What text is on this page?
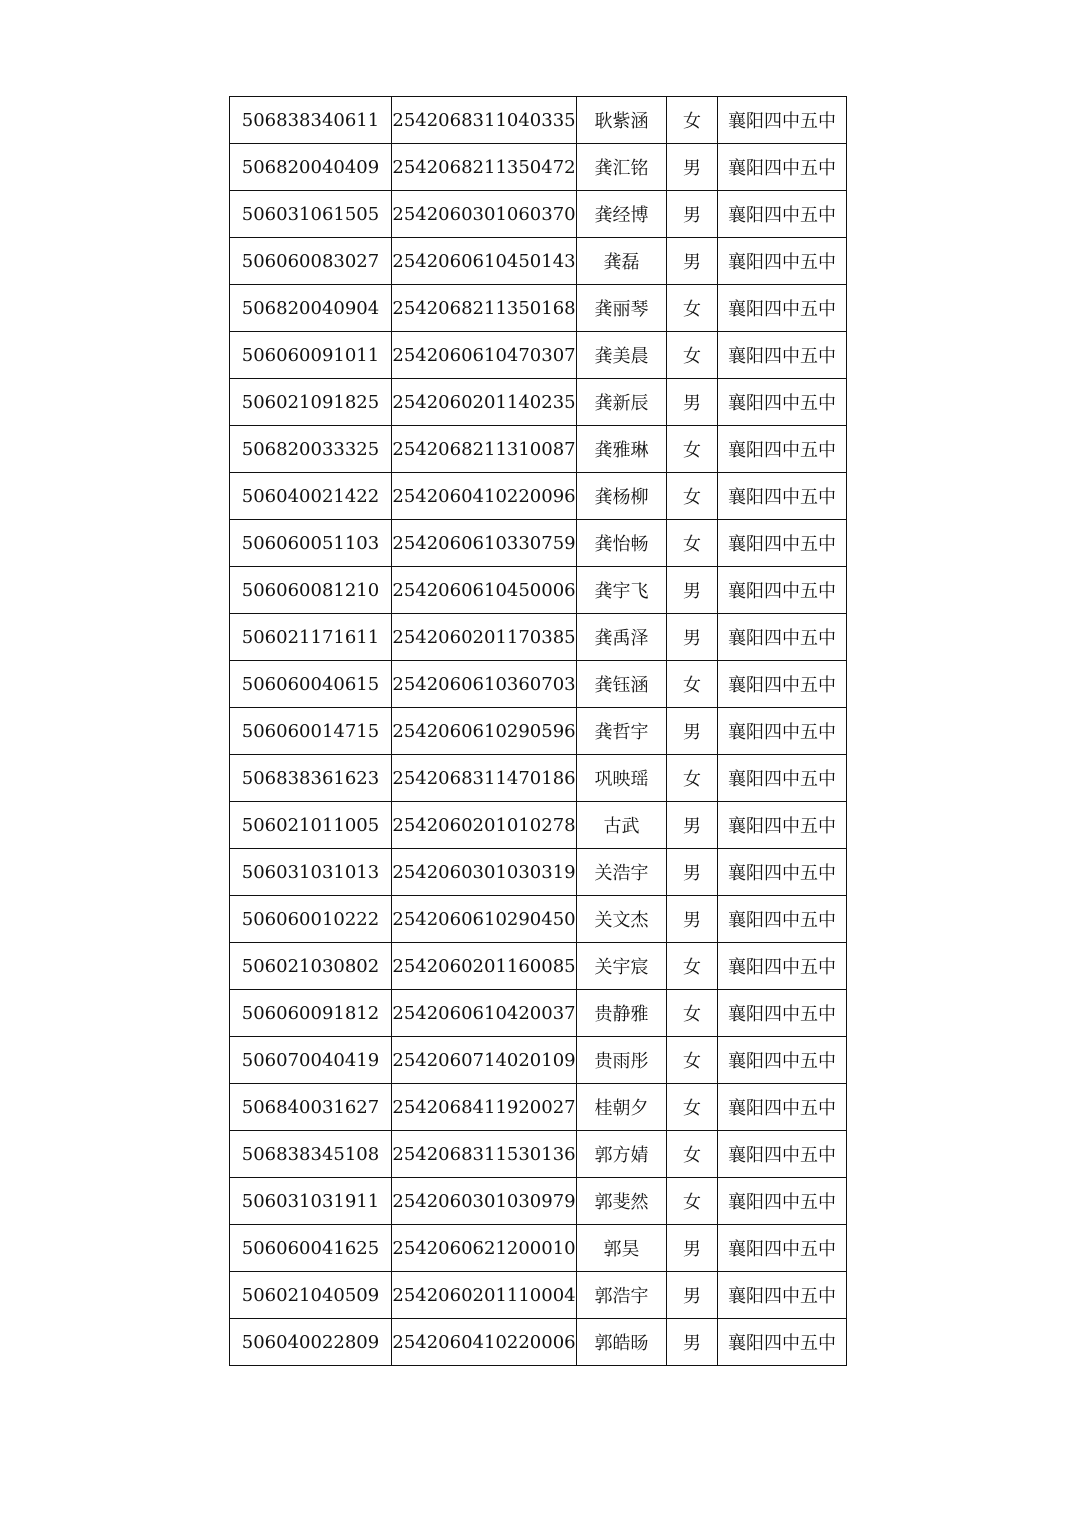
506838340611	2542068311040335	耿紫涵	女	襄阳四中五中
506820040409	2542068211350472	龚汇铭	男	襄阳四中五中
506031061505	2542060301060370	龚经博	男	襄阳四中五中
506060083027	2542060610450143	龚磊	男	襄阳四中五中
506820040904	2542068211350168	龚丽琴	女	襄阳四中五中
506060091011	2542060610470307	龚美晨	女	襄阳四中五中
506021091825	2542060201140235	龚新辰	男	襄阳四中五中
506820033325	2542068211310087	龚雅琳	女	襄阳四中五中
506040021422	2542060410220096	龚杨柳	女	襄阳四中五中
506060051103	2542060610330759	龚怡畅	女	襄阳四中五中
506060081210	2542060610450006	龚宇飞	男	襄阳四中五中
506021171611	2542060201170385	龚禹泽	男	襄阳四中五中
506060040615	2542060610360703	龚钰涵	女	襄阳四中五中
506060014715	2542060610290596	龚哲宇	男	襄阳四中五中
506838361623	2542068311470186	巩映瑶	女	襄阳四中五中
506021011005	2542060201010278	古武	男	襄阳四中五中
506031031013	2542060301030319	关浩宇	男	襄阳四中五中
506060010222	2542060610290450	关文杰	男	襄阳四中五中
506021030802	2542060201160085	关宇宸	女	襄阳四中五中
506060091812	2542060610420037	贵静雅	女	襄阳四中五中
506070040419	2542060714020109	贵雨彤	女	襄阳四中五中
506840031627	2542068411920027	桂朝夕	女	襄阳四中五中
506838345108	2542068311530136	郭方婧	女	襄阳四中五中
506031031911	2542060301030979	郭斐然	女	襄阳四中五中
506060041625	2542060621200010	郭昊	男	襄阳四中五中
506021040509	2542060201110004	郭浩宇	男	襄阳四中五中
506040022809	2542060410220006	郭皓旸	男	襄阳四中五中
